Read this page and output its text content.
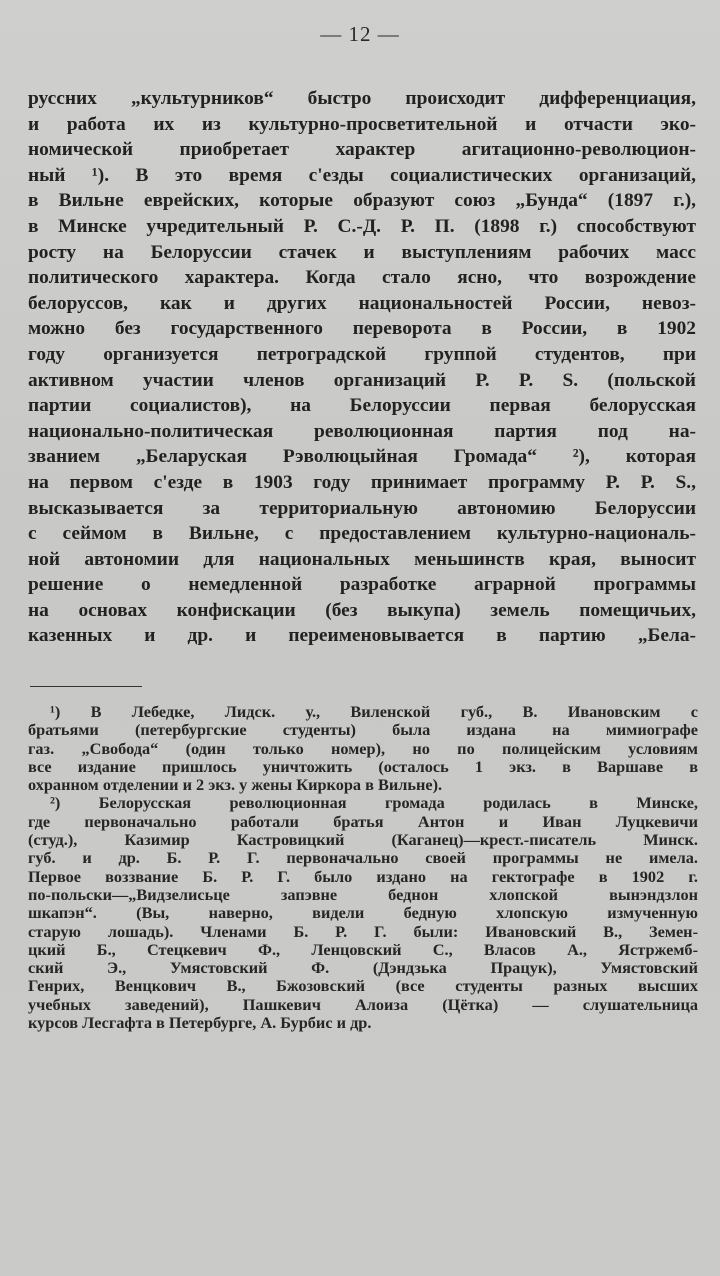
— 12 —
руссних „культурников“ быстро происходит дифференциация,
и работа их из культурно-просветительной и отчасти эко-
номической приобретает характер агитационно-революцион-
ный ¹). В это время с'езды социалистических организаций,
в Вильне еврейских, которые образуют союз „Бунда“ (1897 г.),
в Минске учредительный Р. С.-Д. Р. П. (1898 г.) способствуют
росту на Белоруссии стачек и выступлениям рабочих масс
политического характера. Когда стало ясно, что возрождение
белоруссов, как и других национальностей России, невоз-
можно без государственного переворота в России, в 1902
году организуется петроградской группой студентов, при
активном участии членов организаций Р. Р. S. (польской
партии социалистов), на Белоруссии первая белорусская
национально-политическая революционная партия под на-
званием „Беларуская Рэволюцыйная Громада“ ²), которая
на первом с'езде в 1903 году принимает программу Р. Р. S.,
высказывается за территориальную автономию Белоруссии
с сеймом в Вильне, с предоставлением культурно-националь-
ной автономии для национальных меньшинств края, выносит
решение о немедленной разработке аграрной программы
на основах конфискации (без выкупа) земель помещичьих,
казенных и др. и переименовывается в партию „Бела-
¹) В Лебедке, Лидск. у., Виленской губ., В. Ивановским с
братьями (петербургские студенты) была издана на мимиографе
газ. „Свобода“ (один только номер), но по полицейским условиям
все издание пришлось уничтожить (осталось 1 экз. в Варшаве в
охранном отделении и 2 экз. у жены Киркора в Вильне).
²) Белорусская революционная громада родилась в Минске,
где первоначально работали братья Антон и Иван Луцкевичи
(студ.), Казимир Кастровицкий (Каганец)—крест.-писатель Минск.
губ. и др. Б. Р. Г. первоначально своей программы не имела.
Первое воззвание Б. Р. Г. было издано на гектографе в 1902 г.
по-польски—„Видзелисьце запэвне беднон хлопской вынэндзлон
шкапэн“. (Вы, наверно, видели бедную хлопскую измученную
старую лошадь). Членами Б. Р. Г. были: Ивановский В., Земен-
цкий Б., Стецкевич Ф., Ленцовский С., Власов А., Ястржемб-
ский Э., Умястовский Ф. (Дэндзька Працук), Умястовский
Генрих, Венцкович В., Бжозовский (все студенты разных высших
учебных заведений), Пашкевич Алоиза (Цётка) — слушательница
курсов Лесгафта в Петербурге, А. Бурбис и др.
